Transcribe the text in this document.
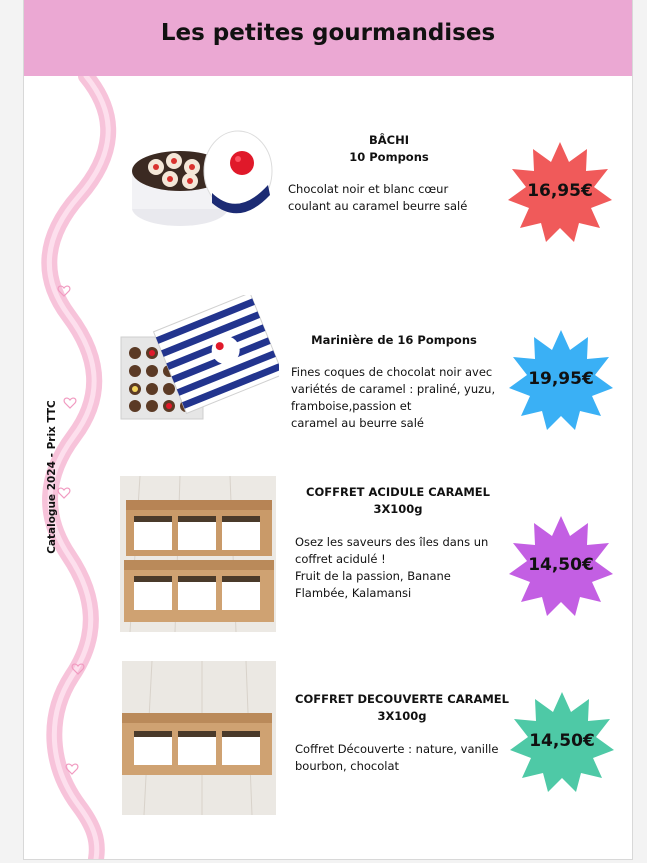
Les petites gourmandises
Catalogue 2024 - Prix TTC
BÂCHI
10 Pompons
Chocolat noir et blanc cœur
coulant au caramel beurre salé
16,95€
Marinière de 16 Pompons
Fines coques de chocolat noir avec
variétés de caramel : praliné, yuzu,
framboise,passion et
caramel au beurre salé
19,95€
COFFRET ACIDULE CARAMEL
3X100g
Osez les saveurs des îles dans un
coffret acidulé !
Fruit de la passion, Banane
Flambée, Kalamansi
14,50€
COFFRET DECOUVERTE CARAMEL
3X100g
Coffret Découverte : nature, vanille
bourbon, chocolat
14,50€
